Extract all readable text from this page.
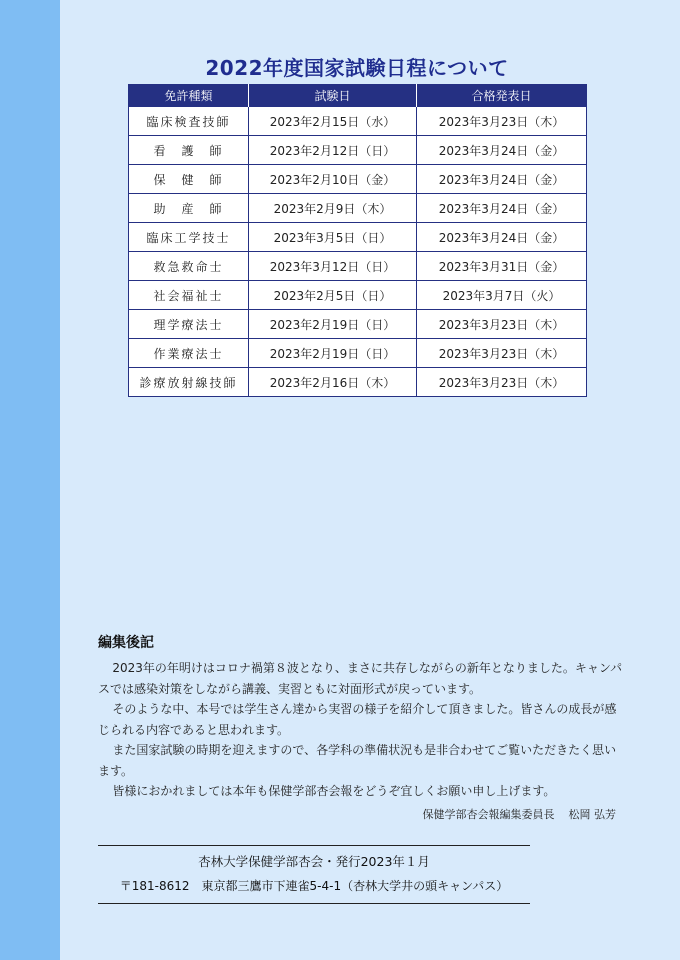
2022年度国家試験日程について
免許種類	試験日	合格発表日
臨床検査技師	2023年2月15日（水）	2023年3月23日（木）
看　護　師	2023年2月12日（日）	2023年3月24日（金）
保　健　師	2023年2月10日（金）	2023年3月24日（金）
助　産　師	2023年2月9日（木）	2023年3月24日（金）
臨床工学技士	2023年3月5日（日）	2023年3月24日（金）
救急救命士	2023年3月12日（日）	2023年3月31日（金）
社会福祉士	2023年2月5日（日）	2023年3月7日（火）
理学療法士	2023年2月19日（日）	2023年3月23日（木）
作業療法士	2023年2月19日（日）	2023年3月23日（木）
診療放射線技師	2023年2月16日（木）	2023年3月23日（木）
編集後記

2023年の年明けはコロナ禍第８波となり、まさに共存しながらの新年となりました。キャンパスでは感染対策をしながら講義、実習ともに対面形式が戻っています。

そのような中、本号では学生さん達から実習の様子を紹介して頂きました。皆さんの成長が感じられる内容であると思われます。

また国家試験の時期を迎えますので、各学科の準備状況も是非合わせてご覧いただきたく思います。

皆様におかれましては本年も保健学部杏会報をどうぞ宜しくお願い申し上げます。

保健学部杏会報編集委員長 松岡 弘芳

杏林大学保健学部杏会・発行2023年１月
〒181-8612　東京都三鷹市下連雀5-4-1（杏林大学井の頭キャンパス）
